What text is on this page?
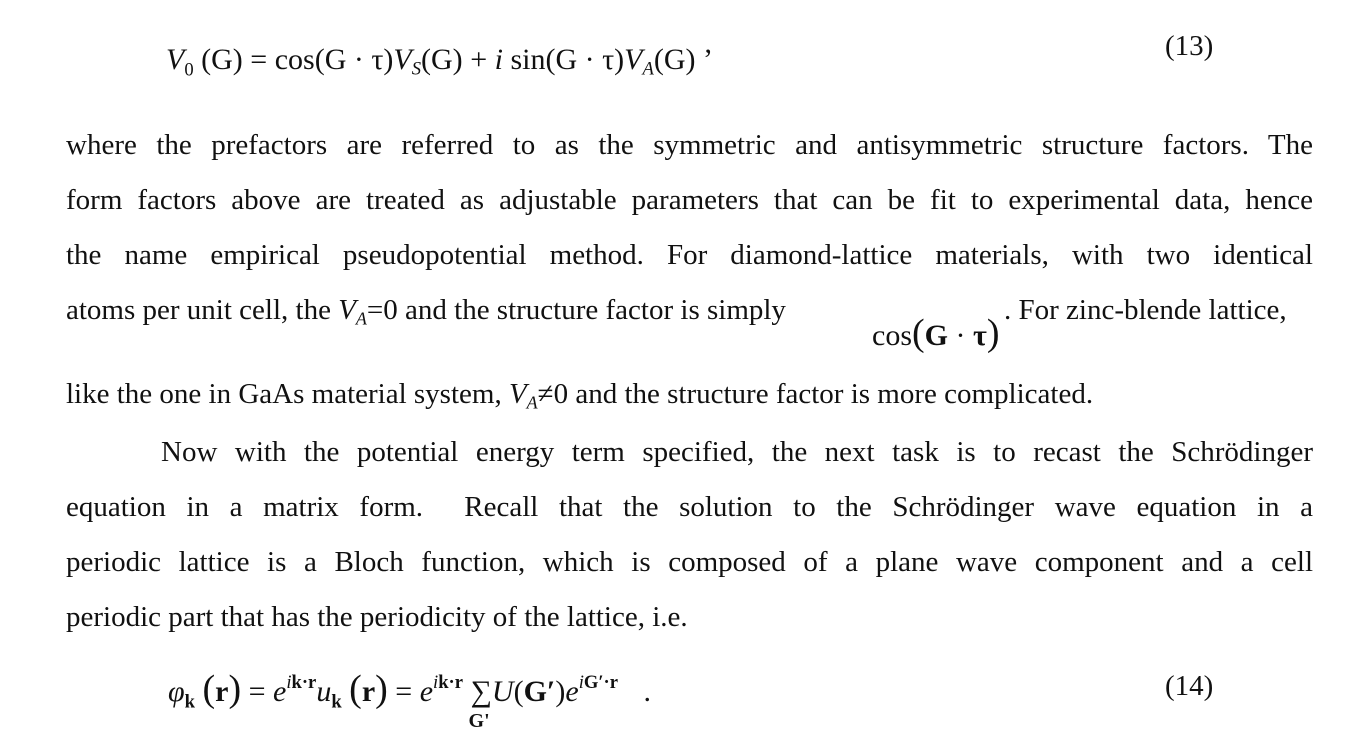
$V_0$ (G) = cos(G · τ)VS(G) + i sin(G · τ)VA(G) ’	(13)
where the prefactors are referred to as the symmetric and antisymmetric structure factors. The
form factors above are treated as adjustable parameters that can be fit to experimental data, hence
the name empirical pseudopotential method. For diamond-lattice materials, with two identical
atoms per unit cell, the VA=0 and the structure factor is simply
cos(G · τ)
. For zinc-blende lattice,
like the one in GaAs material system, VA≠0 and the structure factor is more complicated.
Now with the potential energy term specified, the next task is to recast the Schrödinger
equation in a matrix form.  Recall that the solution to the Schrödinger wave equation in a
periodic lattice is a Bloch function, which is composed of a plane wave component and a cell
periodic part that has the periodicity of the lattice, i.e.
$\varphi_k$ $(r) = e^{ik\cdot r}u_k$ $(r) = e^{ik\cdot r}$ ∑
G'
$U(G')e^{iG'\cdot r}$ .	(14)
